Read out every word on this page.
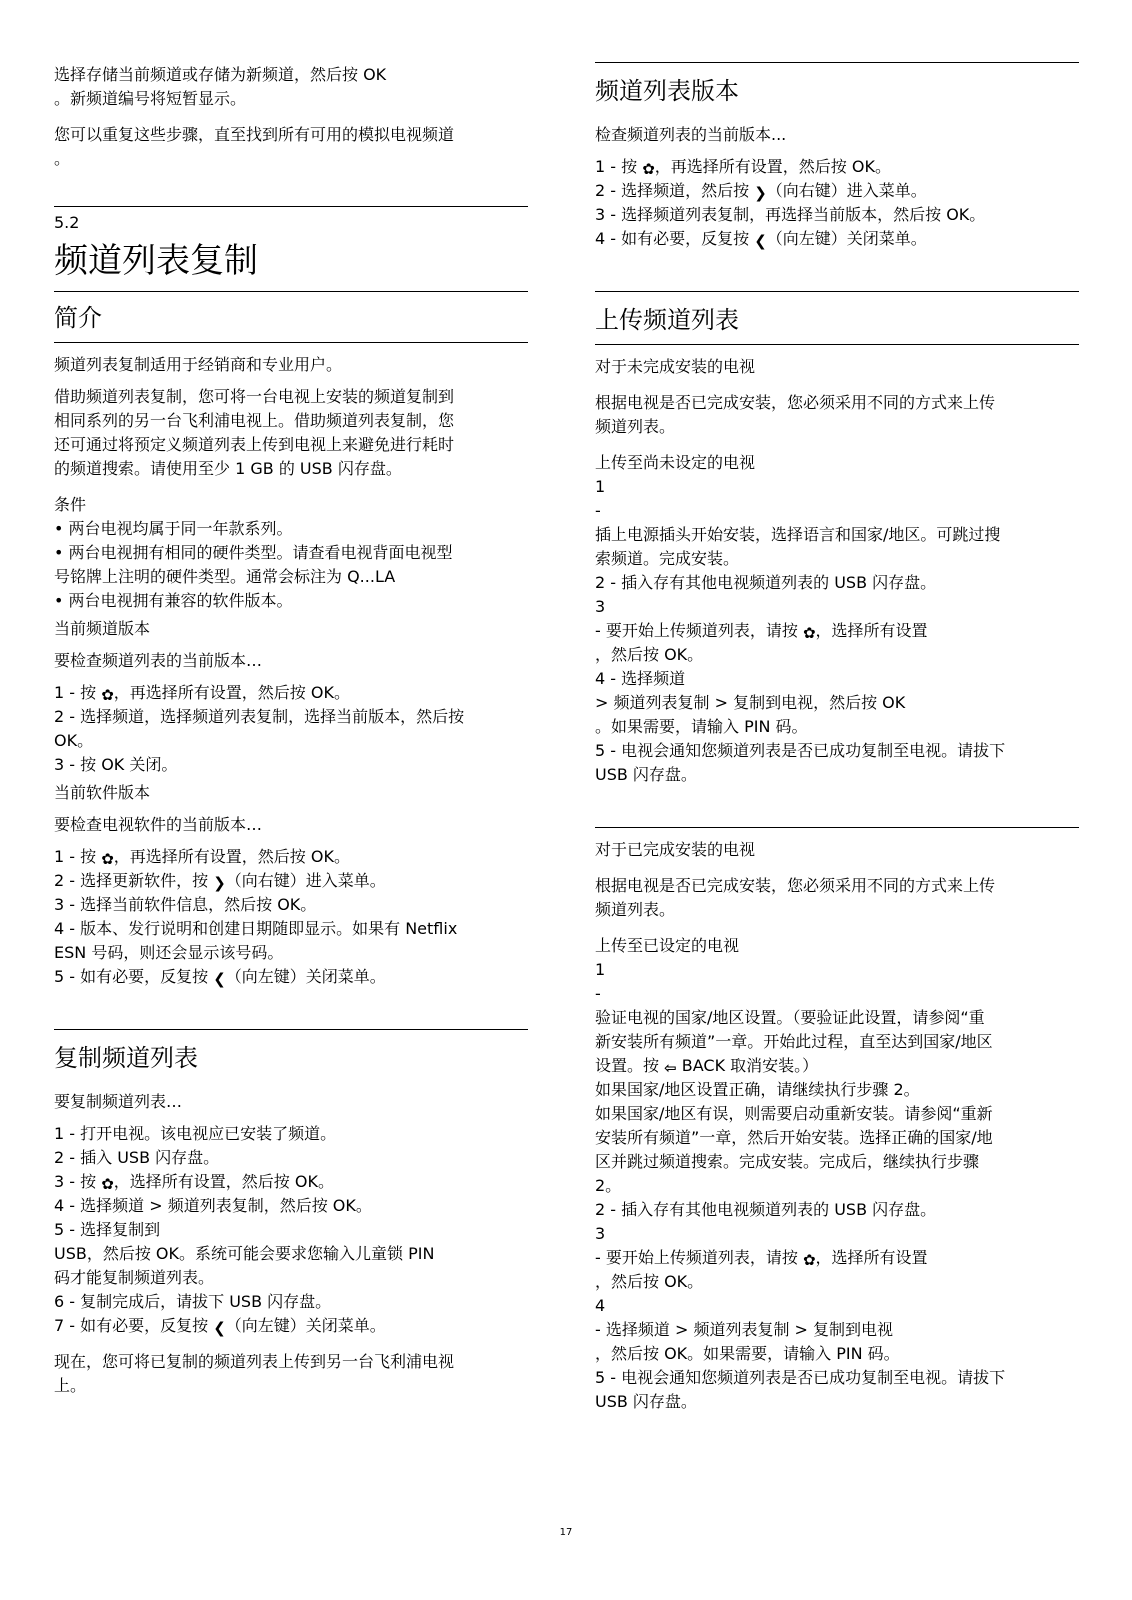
选择存储当前频道或存储为新频道，然后按 OK
。新频道编号将短暂显示。
您可以重复这些步骤，直至找到所有可用的模拟电视频道
。
5.2
频道列表复制
简介
频道列表复制适用于经销商和专业用户。
借助频道列表复制，您可将一台电视上安装的频道复制到
相同系列的另一台飞利浦电视上。借助频道列表复制，您
还可通过将预定义频道列表上传到电视上来避免进行耗时
的频道搜索。请使用至少 1 GB 的 USB 闪存盘。
条件
• 两台电视均属于同一年款系列。
• 两台电视拥有相同的硬件类型。请查看电视背面电视型
号铭牌上注明的硬件类型。通常会标注为 Q...LA
• 两台电视拥有兼容的软件版本。
当前频道版本
要检查频道列表的当前版本…
1 - 按 ✿，再选择所有设置，然后按 OK。
2 - 选择频道，选择频道列表复制，选择当前版本，然后按
OK。
3 - 按 OK 关闭。
当前软件版本
要检查电视软件的当前版本…
1 - 按 ✿，再选择所有设置，然后按 OK。
2 - 选择更新软件，按 ❯（向右键）进入菜单。
3 - 选择当前软件信息，然后按 OK。
4 - 版本、发行说明和创建日期随即显示。如果有 Netflix
ESN 号码，则还会显示该号码。
5 - 如有必要，反复按 ❮（向左键）关闭菜单。
复制频道列表
要复制频道列表…
1 - 打开电视。该电视应已安装了频道。
2 - 插入 USB 闪存盘。
3 - 按 ✿，选择所有设置，然后按 OK。
4 - 选择频道 > 频道列表复制，然后按 OK。
5 - 选择复制到
USB，然后按 OK。系统可能会要求您输入儿童锁 PIN
码才能复制频道列表。
6 - 复制完成后，请拔下 USB 闪存盘。
7 - 如有必要，反复按 ❮（向左键）关闭菜单。
现在，您可将已复制的频道列表上传到另一台飞利浦电视
上。
频道列表版本
检查频道列表的当前版本...
1 - 按 ✿，再选择所有设置，然后按 OK。
2 - 选择频道，然后按 ❯（向右键）进入菜单。
3 - 选择频道列表复制，再选择当前版本，然后按 OK。
4 - 如有必要，反复按 ❮（向左键）关闭菜单。
上传频道列表
对于未完成安装的电视
根据电视是否已完成安装，您必须采用不同的方式来上传
频道列表。
上传至尚未设定的电视
1
-
插上电源插头开始安装，选择语言和国家/地区。可跳过搜
索频道。完成安装。
2 - 插入存有其他电视频道列表的 USB 闪存盘。
3
- 要开始上传频道列表，请按 ✿，选择所有设置
，然后按 OK。
4 - 选择频道
> 频道列表复制 > 复制到电视，然后按 OK
。如果需要，请输入 PIN 码。
5 - 电视会通知您频道列表是否已成功复制至电视。请拔下
USB 闪存盘。
对于已完成安装的电视
根据电视是否已完成安装，您必须采用不同的方式来上传
频道列表。
上传至已设定的电视
1
-
验证电视的国家/地区设置。（要验证此设置，请参阅“重
新安装所有频道”一章。开始此过程，直至达到国家/地区
设置。按 ⇦ BACK 取消安装。）
如果国家/地区设置正确，请继续执行步骤 2。
如果国家/地区有误，则需要启动重新安装。请参阅“重新
安装所有频道”一章，然后开始安装。选择正确的国家/地
区并跳过频道搜索。完成安装。完成后，继续执行步骤
2。
2 - 插入存有其他电视频道列表的 USB 闪存盘。
3
- 要开始上传频道列表，请按 ✿，选择所有设置
，然后按 OK。
4
- 选择频道 > 频道列表复制 > 复制到电视
，然后按 OK。如果需要，请输入 PIN 码。
5 - 电视会通知您频道列表是否已成功复制至电视。请拔下
USB 闪存盘。
17
